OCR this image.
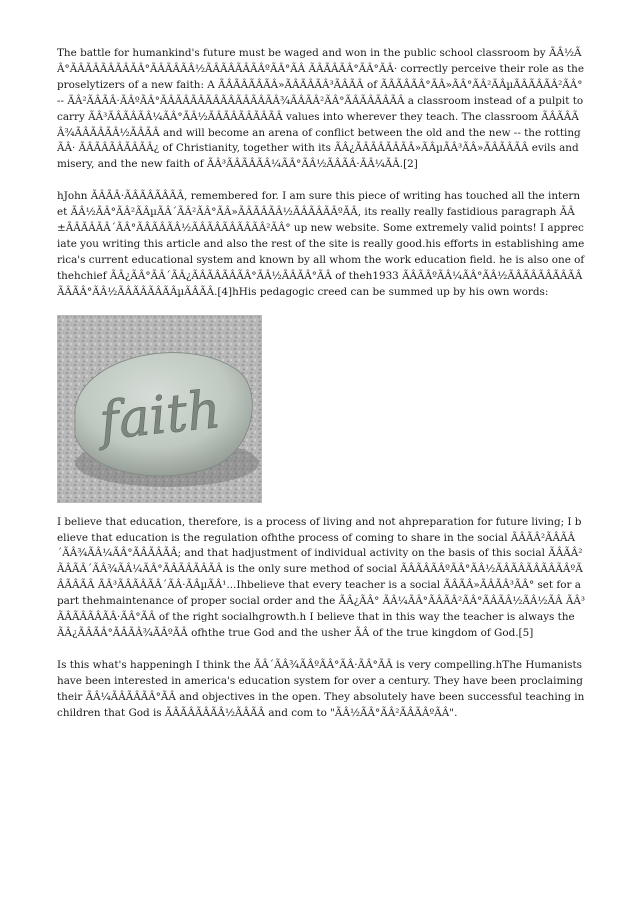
The battle for humankind's future must be waged and won in the public school classroom by ÃÂ½ÃÂ°ÃÂÃÂÃÂÃÂÃÂ°ÃÂÃÂÃÂ½ÃÂÃÂÃÂÃÂºÃÂ°ÃÂ ÃÂÃÂÃÂ°ÃÂ°ÃÂ· correctly perceive their role as the proselytizers of a new faith: A ÃÂÃÂÃÂÃÂ»ÃÂÃÂÃÂ³ÃÂÃÂ of ÃÂÃÂÃÂ°ÃÂ»ÃÂ°ÃÂ²ÃÂµÃÂÃÂÃÂ²ÃÂ° -- ÃÂ²ÃÂÃÂ·ÃÂºÃÂ°ÃÂÃÂÃÂÃÂÃÂÃÂÃÂÃÂ¾ÃÂÃÂ²ÃÂ°ÃÂÃÂÃÂÃÂ a classroom instead of a pulpit to carry ÃÂ³ÃÂÃÂÃÂ¼ÃÂ°ÃÂ½ÃÂÃÂÃÂÃÂÃÂ values into wherever they teach. The classroom ÃÂÃÂÃÂ¾ÃÂÃÂÃÂ½ÃÂÃÂ and will become an arena of conflict between the old and the new -- the rotting ÃÂ· ÃÂÃÂÃÂÃÂÃÂ¿ of Christianity, together with its ÃÂ¿ÃÂÃÂÃÂÃÂ»ÃÂµÃÂ³ÃÂ»ÃÂÃÂÃÂ evils and misery, and the new faith of ÃÂ³ÃÂÃÂÃÂ¼ÃÂ°ÃÂ½ÃÂÃÂ·ÃÂ¼ÃÂ.[2]

hJohn ÃÂÃÂ·ÃÂÃÂÃÂÃÂ, remembered for. I am sure this piece of writing has touched all the internet ÃÂ½ÃÂ°ÃÂ²ÃÂµÃÂ´ÃÂ²ÃÂ°ÃÂ»ÃÂÃÂÃÂ½ÃÂÃÂÃÂºÃÂ, its really really fastidious paragraph ÃÂ±ÃÂÃÂÃÂ´ÃÂ°ÃÂÃÂÃÂ½ÃÂÃÂÃÂÃÂÃÂ²ÃÂ° up new website. Some extremely valid points! I appreciate you writing this article and also the rest of the site is really good.his efforts in establishing america's current educational system and known by all whom the work education field. he is also one of thehchief ÃÂ¿ÃÂ°ÃÂ´ÃÂ¿ÃÂÃÂÃÂÃÂ°ÃÂ½ÃÂÃÂ°ÃÂ of theh1933 ÃÂÃÂºÃÂ¼ÃÂ°ÃÂ½ÃÂÃÂÃÂÃÂÃÂ ÃÂÃÂ°ÃÂ½ÃÂÃÂÃÂÃÂµÃÂÃÂ.[4]hHis pedagogic creed can be summed up by his own words:

faith

I believe that education, therefore, is a process of living and not ahpreparation for future living; I believe that education is the regulation ofhthe process of coming to share in the social ÃÂÃÂ²ÃÂÃÂ´ÃÂ¾ÃÂ¼ÃÂ°ÃÂÃÂÃÂ; and that hadjustment of individual activity on the basis of this social ÃÂÃÂ²ÃÂÃÂ´ÃÂ¾ÃÂ¼ÃÂ°ÃÂÃÂÃÂÃÂ is the only sure method of social ÃÂÃÂÃÂºÃÂ°ÃÂ½ÃÂÃÂÃÂÃÂÃÂºÃÂÃÂÃÂ ÃÂ³ÃÂÃÂÃÂ´ÃÂ·ÃÂµÃÂ¹...Ihbelieve that every teacher is a social ÃÂÃÂ»ÃÂÃÂ³ÃÂ° set for apart thehmaintenance of proper social order and the ÃÂ¿ÃÂ° ÃÂ¼ÃÂ°ÃÂÃÂ²ÃÂ°ÃÂÃÂ½ÃÂ½ÃÂ ÃÂ³ÃÂÃÂÃÂÃÂ·ÃÂ°ÃÂ of the right socialhgrowth.h I believe that in this way the teacher is always the ÃÂ¿ÃÂÃÂ°ÃÂÃÂ¾ÃÂºÃÂ ofhthe true God and the usher ÃÂ of the true kingdom of God.[5]

Is this what's happeningh I think the ÃÂ´ÃÂ¾ÃÂºÃÂ°ÃÂ·ÃÂ°ÃÂ is very compelling.hThe Humanists have been interested in america's education system for over a century. They have been proclaiming their ÃÂ¼ÃÂÃÂÃÂ°ÃÂ and objectives in the open. They absolutely have been successful teaching in children that God is ÃÂÃÂÃÂÃÂ½ÃÂÃÂ and com to "ÃÂ½ÃÂ°ÃÂ²ÃÂÃÂºÃÂ".
